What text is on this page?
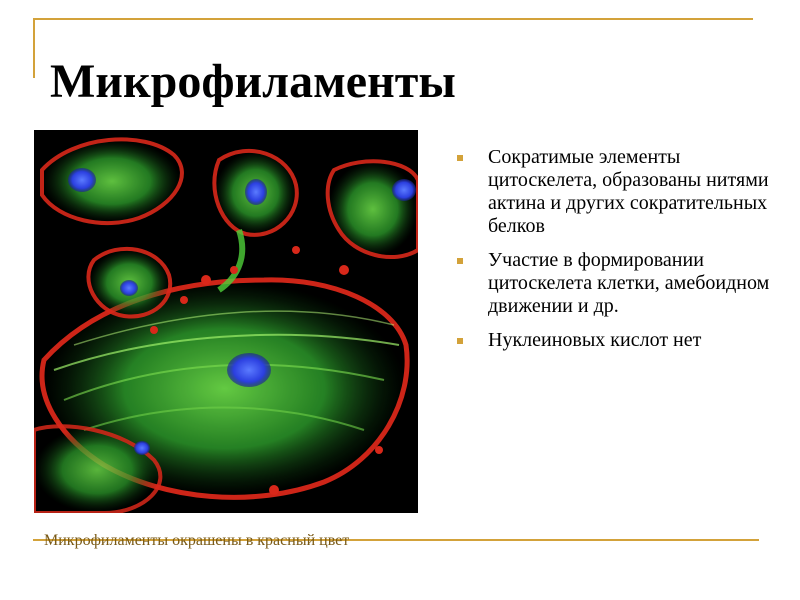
Микрофиламенты
Сократимые элементы цитоскелета, образованы нитями актина и других сократительных белков
Участие в формировании цитоскелета клетки, амебоидном движении и др.
Нуклеиновых кислот нет
Микрофиламенты окрашены в красный цвет
